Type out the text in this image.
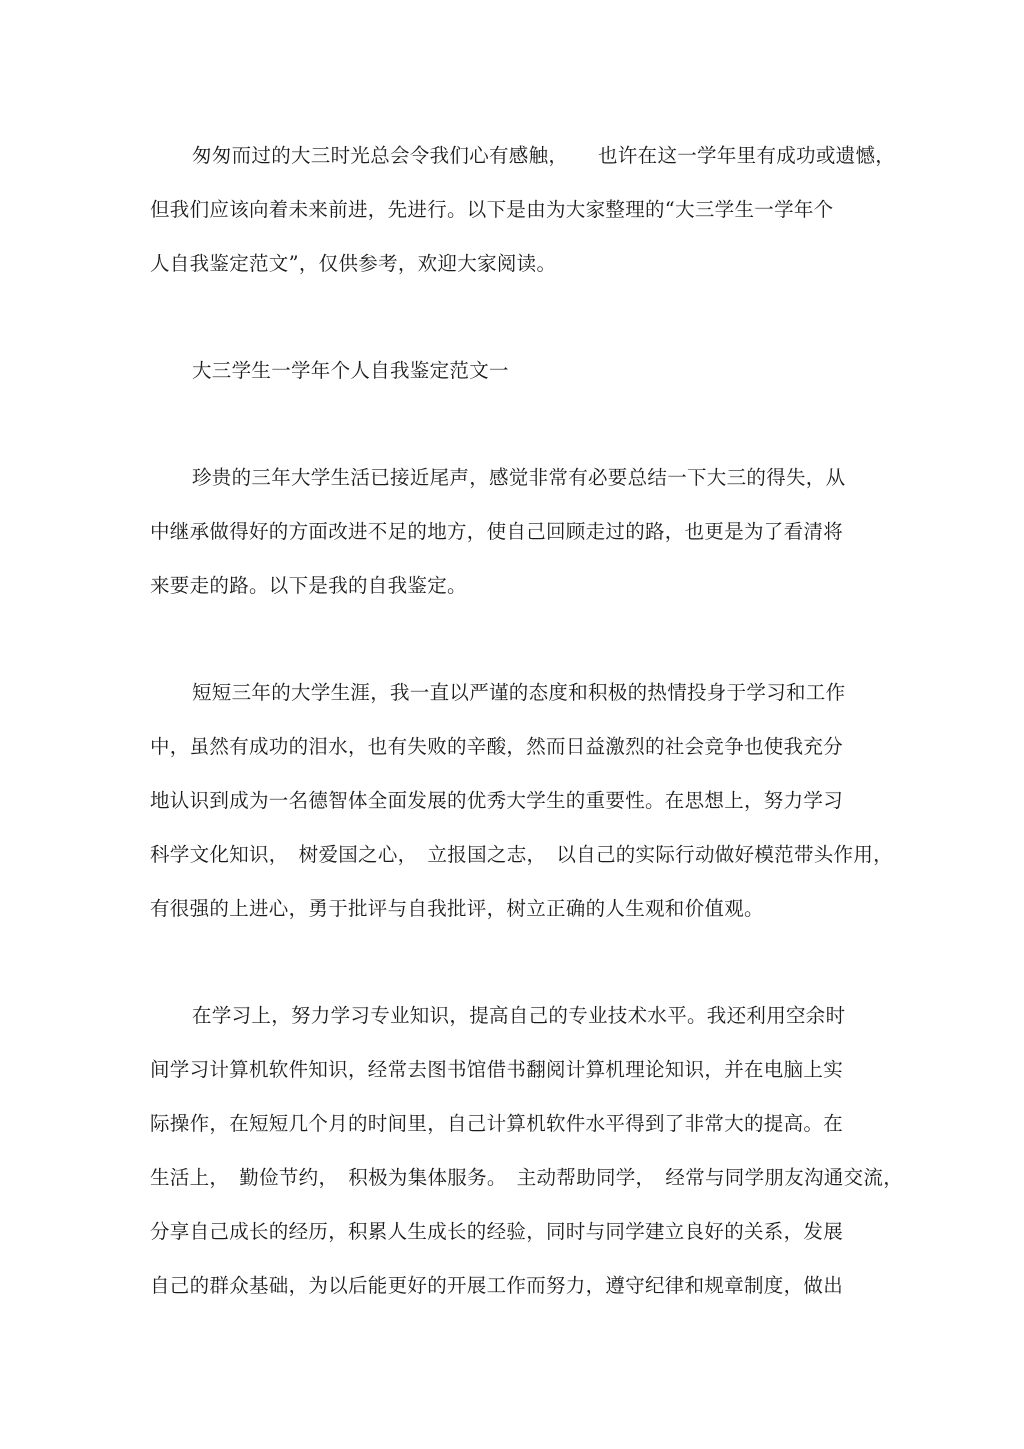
匆匆而过的大三时光总会令我们心有感触，　　也许在这一学年里有成功或遗憾，
但我们应该向着未来前进，先进行。以下是由为大家整理的“大三学生一学年个
人自我鉴定范文”，仅供参考，欢迎大家阅读。
大三学生一学年个人自我鉴定范文一
珍贵的三年大学生活已接近尾声，感觉非常有必要总结一下大三的得失，从
中继承做得好的方面改进不足的地方，使自己回顾走过的路，也更是为了看清将
来要走的路。以下是我的自我鉴定。
短短三年的大学生涯，我一直以严谨的态度和积极的热情投身于学习和工作
中，虽然有成功的泪水，也有失败的辛酸，然而日益激烈的社会竞争也使我充分
地认识到成为一名德智体全面发展的优秀大学生的重要性。在思想上，努力学习
科学文化知识，　树爱国之心，　立报国之志，　以自己的实际行动做好模范带头作用，
有很强的上进心，勇于批评与自我批评，树立正确的人生观和价值观。
在学习上，努力学习专业知识，提高自己的专业技术水平。我还利用空余时
间学习计算机软件知识，经常去图书馆借书翻阅计算机理论知识，并在电脑上实
际操作，在短短几个月的时间里，自己计算机软件水平得到了非常大的提高。在
生活上，　勤俭节约，　积极为集体服务。　主动帮助同学，　经常与同学朋友沟通交流，
分享自己成长的经历，积累人生成长的经验，同时与同学建立良好的关系，发展
自己的群众基础，为以后能更好的开展工作而努力，遵守纪律和规章制度，做出
